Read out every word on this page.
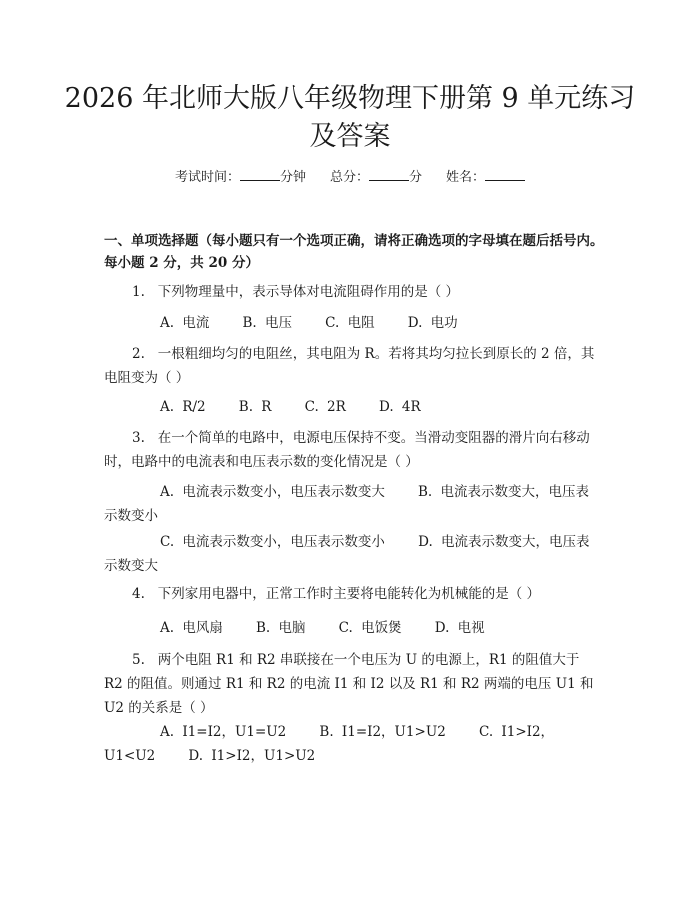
2026 年北师大版八年级物理下册第 9 单元练习及答案
考试时间：	分钟 总分：	分 姓名：

一、单项选择题（每小题只有一个选项正确，请将正确选项的字母填在题后括号内。每小题 2 分，共 20 分）

1.   下列物理量中，表示导体对电流阻碍作用的是（ ）

A. 电流    B. 电压    C. 电阻    D. 电功

2.   一根粗细均匀的电阻丝，其电阻为 R。若将其均匀拉长到原长的 2 倍，其电阻变为（ ）

A. R/2    B. R    C. 2R    D. 4R

3.   在一个简单的电路中，电源电压保持不变。当滑动变阻器的滑片向右移动时，电路中的电流表和电压表示数的变化情况是（ ）

A. 电流表示数变小，电压表示数变大    B. 电流表示数变大，电压表示数变小

C. 电流表示数变小，电压表示数变小    D. 电流表示数变大，电压表示数变大

4.   下列家用电器中，正常工作时主要将电能转化为机械能的是（ ）

A. 电风扇    B. 电脑    C. 电饭煲    D. 电视

5.   两个电阻 R1 和 R2 串联接在一个电压为 U 的电源上，R1 的阻值大于 R2 的阻值。则通过 R1 和 R2 的电流 I1 和 I2 以及 R1 和 R2 两端的电压 U1 和 U2 的关系是（ ）

A. I1=I2，U1=U2    B. I1=I2，U1>U2    C. I1>I2，U1<U2    D. I1>I2，U1>U2
